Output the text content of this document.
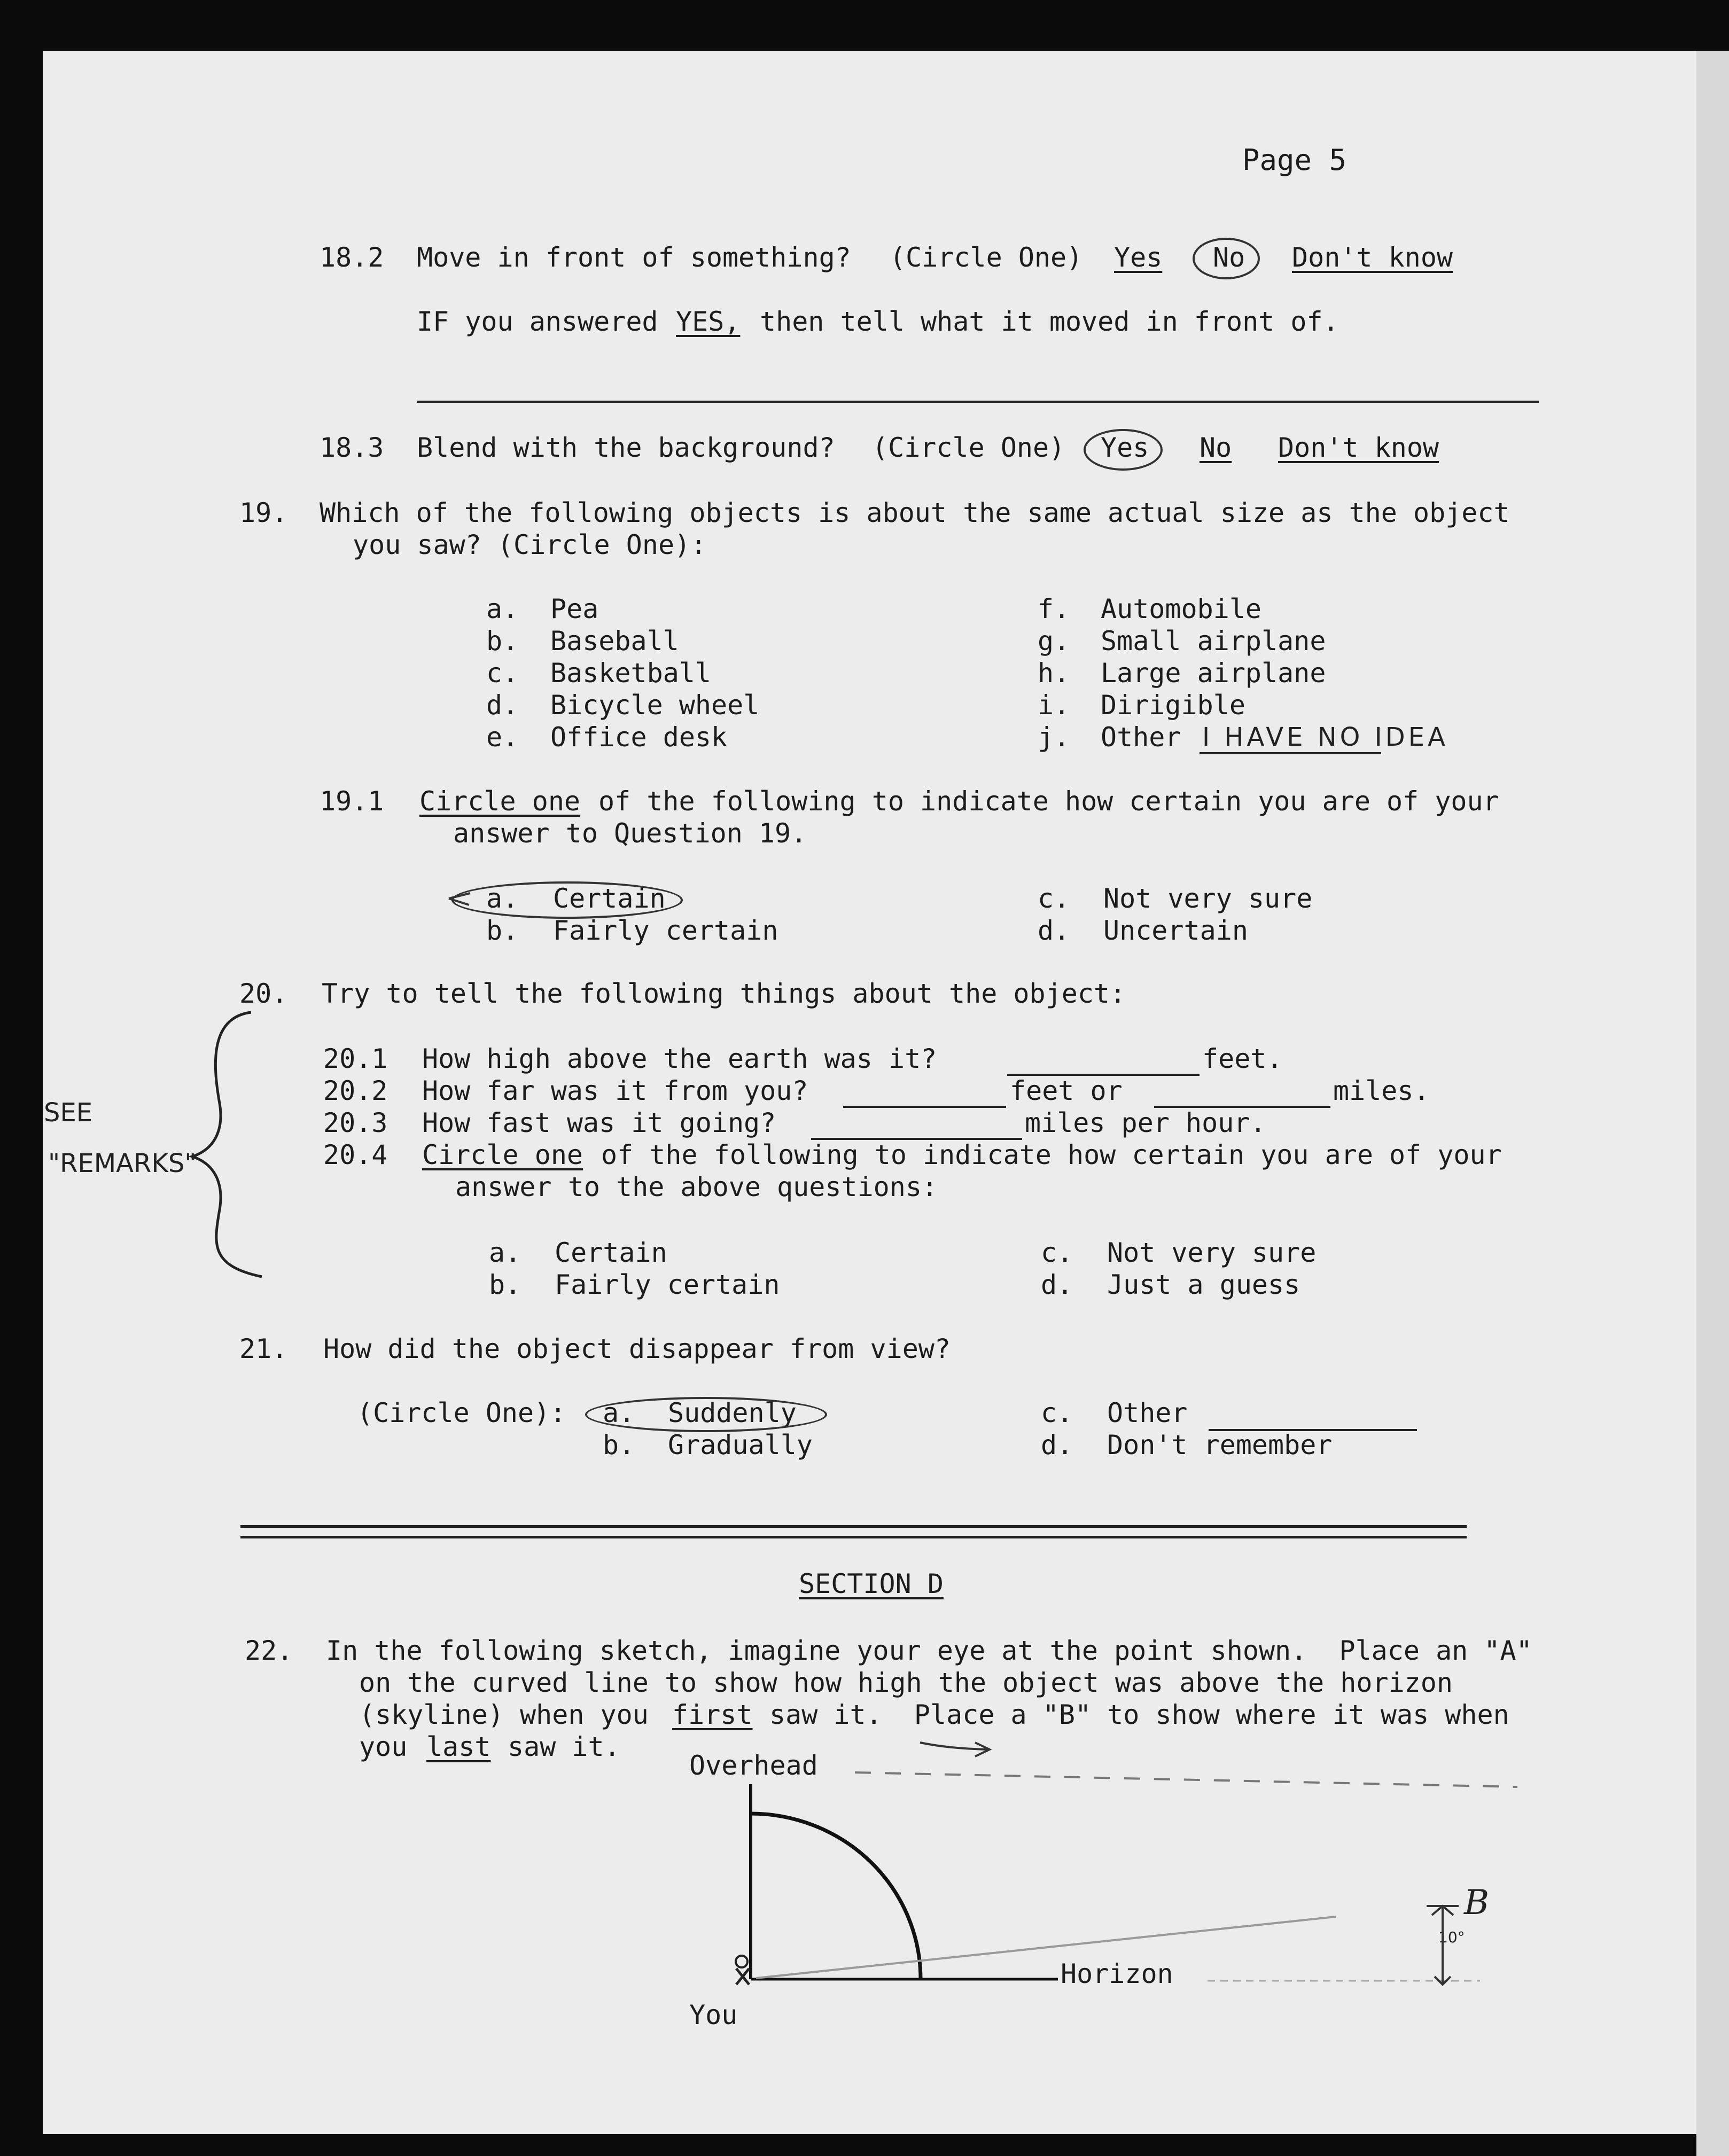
Page 5
18.2 Move in front of something? (Circle One) Yes No Don't know
IF you answered YES, then tell what it moved in front of.
18.3 Blend with the background? (Circle One) Yes No Don't know
19. Which of the following objects is about the same actual size as the object
you saw? (Circle One):
a. Pea
b. Baseball
c. Basketball
d. Bicycle wheel
e. Office desk
f. Automobile
g. Small airplane
h. Large airplane
i. Dirigible
j. Other I HAVE NO IDEA
19.1 Circle one of the following to indicate how certain you are of your
answer to Question 19.
a. Certain
b. Fairly certain
c. Not very sure
d. Uncertain
20. Try to tell the following things about the object:
20.1 How high above the earth was it?	feet.
20.2 How far was it from you?	feet or	miles.
20.3 How fast was it going?	miles per hour.
20.4 Circle one of the following to indicate how certain you are of your
answer to the above questions:
a. Certain
b. Fairly certain
c. Not very sure
d. Just a guess
SEE
"REMARKS"
21. How did the object disappear from view?
(Circle One): a. Suddenly
b. Gradually
c. Other
d. Don't remember
SECTION D
22. In the following sketch, imagine your eye at the point shown.  Place an "A"
on the curved line to show how high the object was above the horizon
(skyline) when you first saw it.  Place a "B" to show where it was when
you last saw it.
Overhead
Horizon
You
B
10°
